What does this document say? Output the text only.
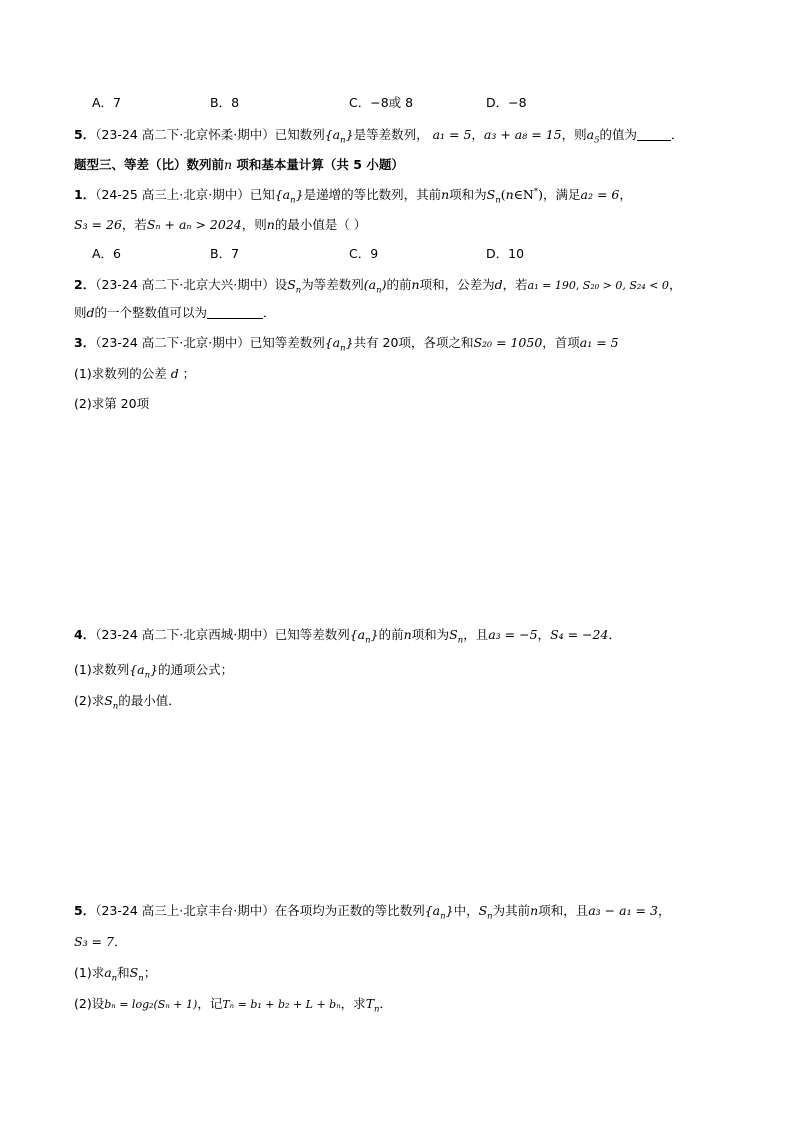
A．7	B．8	C．−8或 8	D．−8
5．（23-24 高二下·北京怀柔·期中）已知数列$\{a_n\}$是等差数列， a₁ = 5，a₃ + a₈ = 15，则$a_5$的值为	．
题型三、等差（比）数列前n 项和基本量计算（共 5 小题）
1．（24-25 高三上·北京·期中）已知$\{a_n\}$是递增的等比数列，其前n项和为$S_n(n\in N^*)$，满足a₂ = 6，
S₃ = 26，若Sₙ + aₙ > 2024，则n的最小值是（ ）
A．6	B．7	C．9	D．10
2．（23-24 高二下·北京大兴·期中）设$S_n$为等差数列$(a_n)$的前n项和，公差为d，若a₁ = 190, S₂₀ > 0, S₂₄ < 0，
则d的一个整数值可以为	．
3．（23-24 高二下·北京·期中）已知等差数列$\{a_n\}$共有 20项，各项之和S₂₀ = 1050，首项a₁ = 5
(1)求数列的公差 d ；
(2)求第 20项
4．（23-24 高二下·北京西城·期中）已知等差数列$\{a_n\}$的前n项和为$S_n$，且a₃ = −5，S₄ = −24．
(1)求数列$\{a_n\}$的通项公式；
(2)求$S_n$的最小值．
5．（23-24 高三上·北京丰台·期中）在各项均为正数的等比数列$\{a_n\}$中，$S_n$为其前n项和，且a₃ − a₁ = 3，
S₃ = 7．
(1)求$a_n$和$S_n$；
(2)设bₙ = log₂(Sₙ + 1)，记Tₙ = b₁ + b₂ + L + bₙ，求$T_n$．
